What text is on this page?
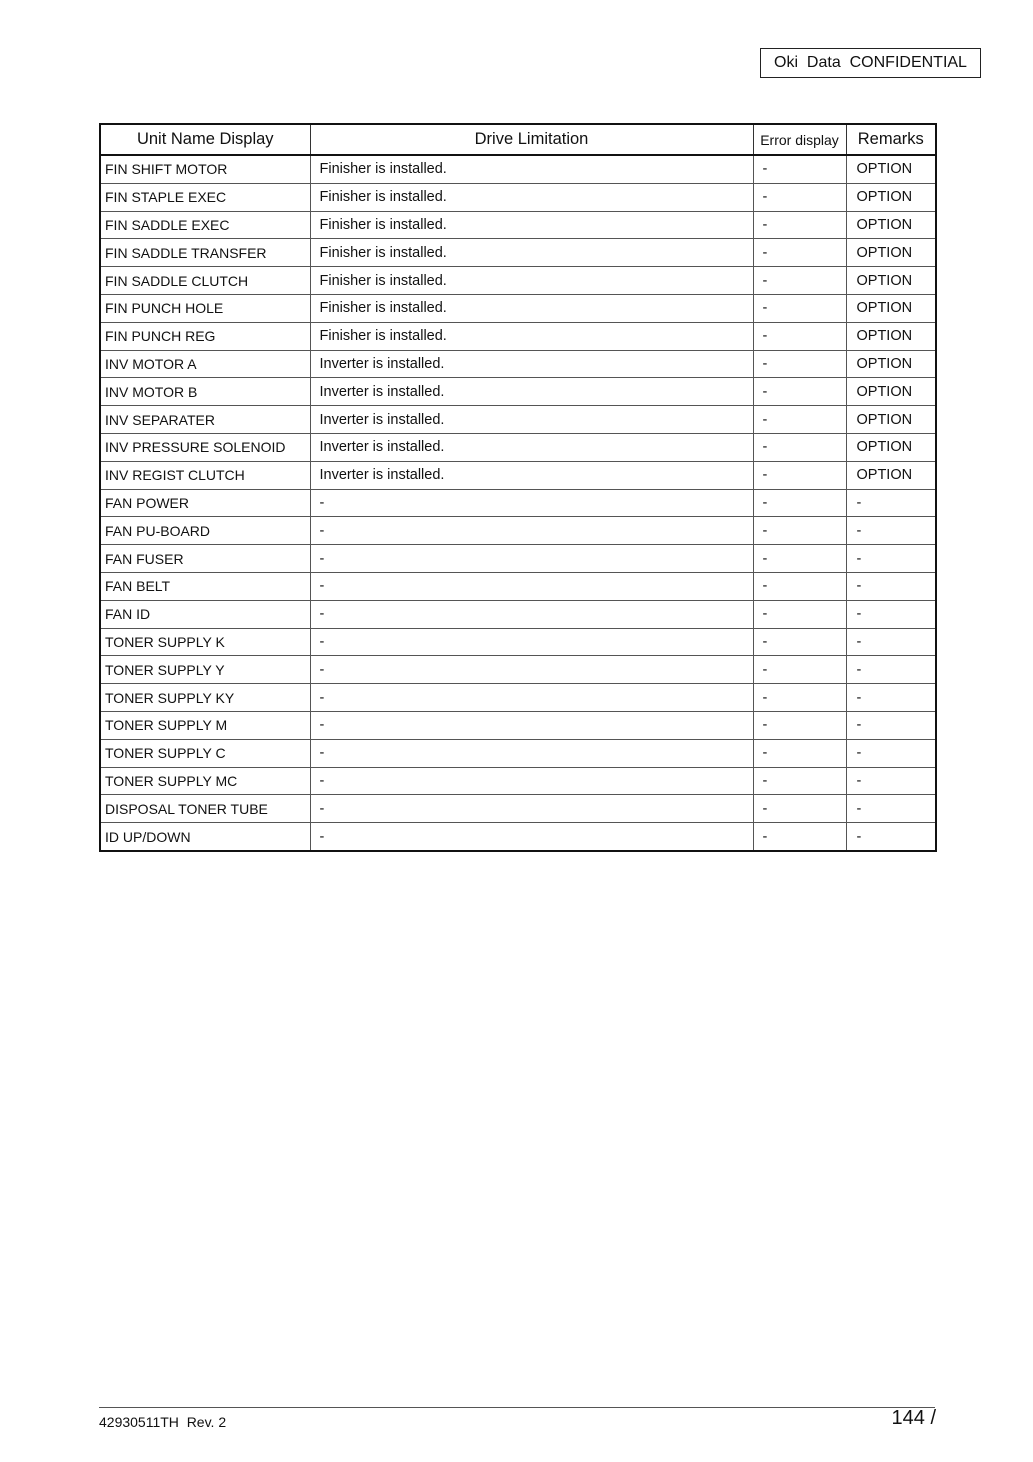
Oki  Data  CONFIDENTIAL
Unit Name Display	Drive Limitation	Error display	Remarks
FIN SHIFT MOTOR	Finisher is installed.	-	OPTION
FIN STAPLE EXEC	Finisher is installed.	-	OPTION
FIN SADDLE EXEC	Finisher is installed.	-	OPTION
FIN SADDLE TRANSFER	Finisher is installed.	-	OPTION
FIN SADDLE CLUTCH	Finisher is installed.	-	OPTION
FIN PUNCH HOLE	Finisher is installed.	-	OPTION
FIN PUNCH REG	Finisher is installed.	-	OPTION
INV MOTOR A	Inverter is installed.	-	OPTION
INV MOTOR B	Inverter is installed.	-	OPTION
INV SEPARATER	Inverter is installed.	-	OPTION
INV PRESSURE SOLENOID	Inverter is installed.	-	OPTION
INV REGIST CLUTCH	Inverter is installed.	-	OPTION
FAN POWER	-	-	-
FAN PU-BOARD	-	-	-
FAN FUSER	-	-	-
FAN BELT	-	-	-
FAN ID	-	-	-
TONER SUPPLY K	-	-	-
TONER SUPPLY Y	-	-	-
TONER SUPPLY KY	-	-	-
TONER SUPPLY M	-	-	-
TONER SUPPLY C	-	-	-
TONER SUPPLY MC	-	-	-
DISPOSAL TONER TUBE	-	-	-
ID UP/DOWN	-	-	-
42930511TH  Rev. 2	144 /
